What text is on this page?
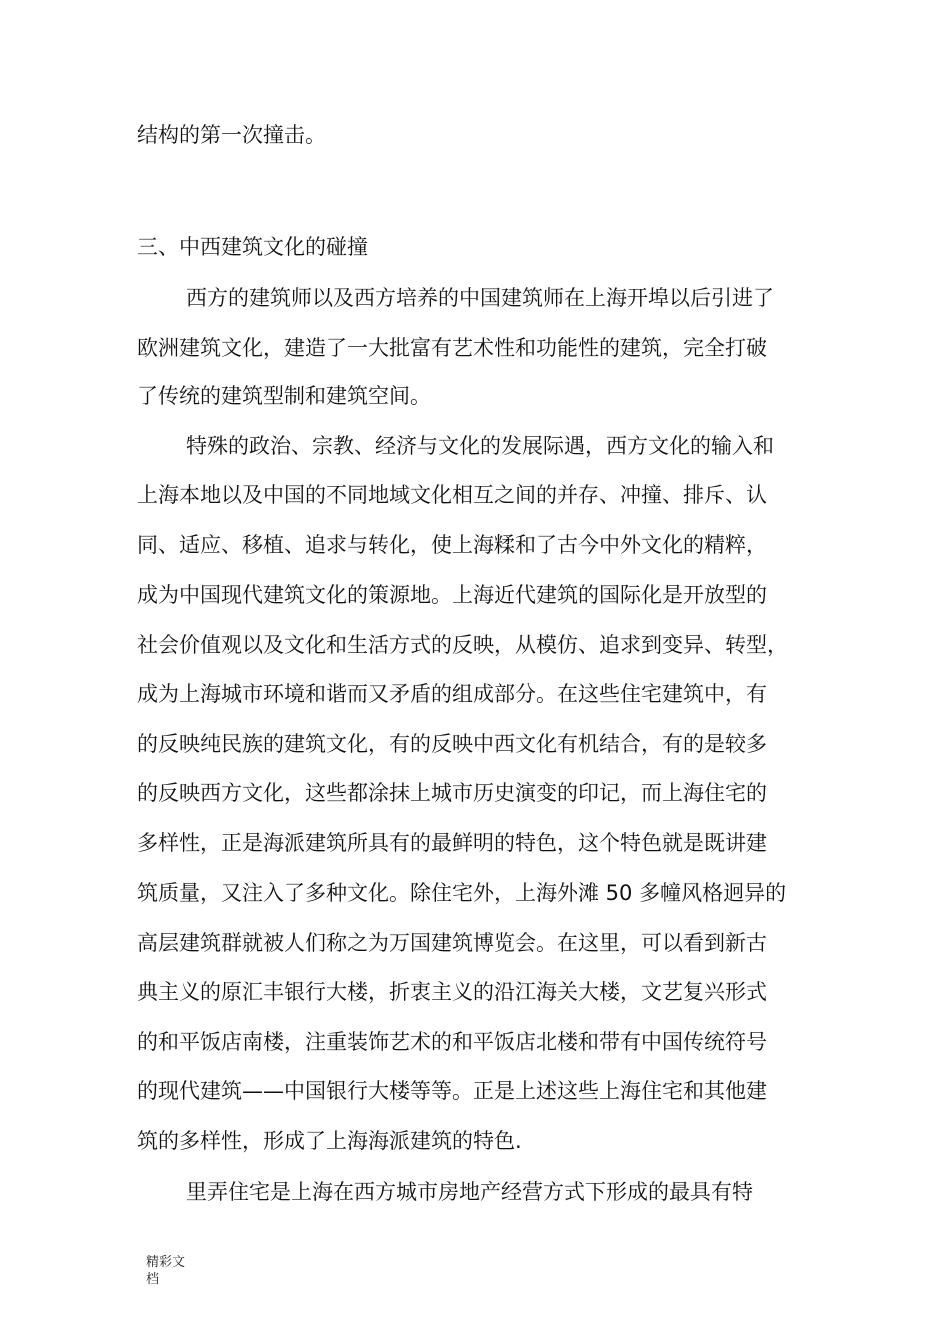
结构的第一次撞击。
三、中西建筑文化的碰撞
西方的建筑师以及西方培养的中国建筑师在上海开埠以后引进了
欧洲建筑文化，建造了一大批富有艺术性和功能性的建筑，完全打破
了传统的建筑型制和建筑空间。
特殊的政治、宗教、经济与文化的发展际遇，西方文化的输入和
上海本地以及中国的不同地域文化相互之间的并存、冲撞、排斥、认
同、适应、移植、追求与转化，使上海糅和了古今中外文化的精粹，
成为中国现代建筑文化的策源地。上海近代建筑的国际化是开放型的
社会价值观以及文化和生活方式的反映，从模仿、追求到变异、转型，
成为上海城市环境和谐而又矛盾的组成部分。在这些住宅建筑中，有
的反映纯民族的建筑文化，有的反映中西文化有机结合，有的是较多
的反映西方文化，这些都涂抹上城市历史演变的印记，而上海住宅的
多样性，正是海派建筑所具有的最鲜明的特色，这个特色就是既讲建
筑质量，又注入了多种文化。除住宅外，上海外滩 50 多幢风格迥异的
高层建筑群就被人们称之为万国建筑博览会。在这里，可以看到新古
典主义的原汇丰银行大楼，折衷主义的沿江海关大楼，文艺复兴形式
的和平饭店南楼，注重装饰艺术的和平饭店北楼和带有中国传统符号
的现代建筑——中国银行大楼等等。正是上述这些上海住宅和其他建
筑的多样性，形成了上海海派建筑的特色.
里弄住宅是上海在西方城市房地产经营方式下形成的最具有特
精彩文档
